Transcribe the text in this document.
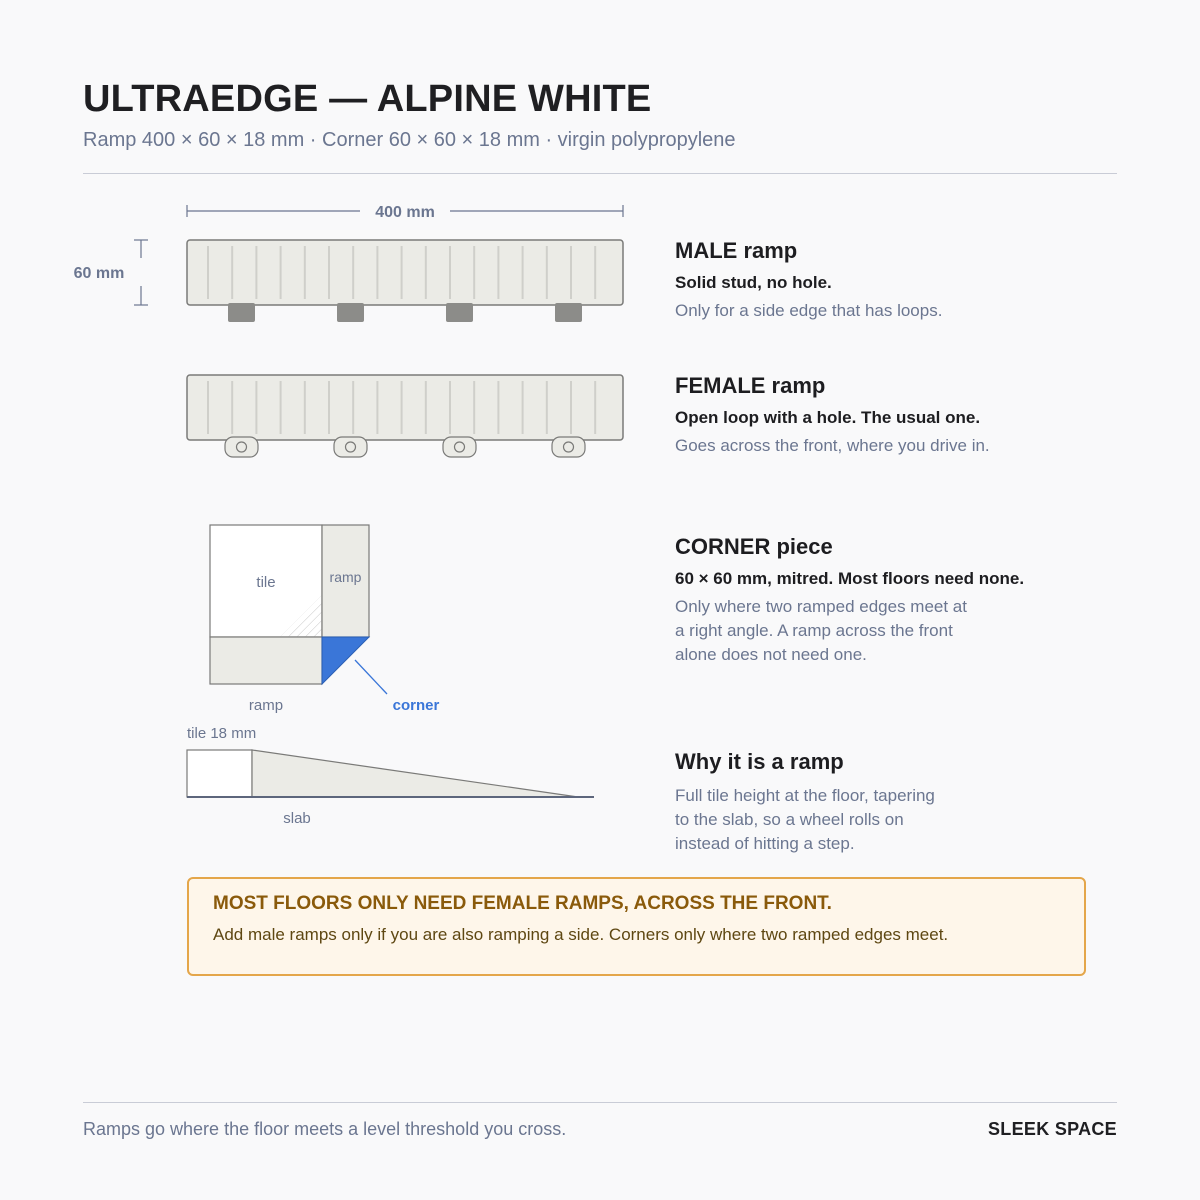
ULTRAEDGE — ALPINE WHITE
Ramp 400 × 60 × 18 mm · Corner 60 × 60 × 18 mm · virgin polypropylene
400 mm
60 mm
tile	ramp
ramp	corner
tile 18 mm
slab
MALE ramp
Solid stud, no hole.
Only for a side edge that has loops.
FEMALE ramp
Open loop with a hole. The usual one.
Goes across the front, where you drive in.
CORNER piece
60 × 60 mm, mitred. Most floors need none.
Only where two ramped edges meet at
a right angle. A ramp across the front
alone does not need one.
Why it is a ramp
Full tile height at the floor, tapering
to the slab, so a wheel rolls on
instead of hitting a step.
MOST FLOORS ONLY NEED FEMALE RAMPS, ACROSS THE FRONT.
Add male ramps only if you are also ramping a side. Corners only where two ramped edges meet.
Ramps go where the floor meets a level threshold you cross.	SLEEK SPACE
